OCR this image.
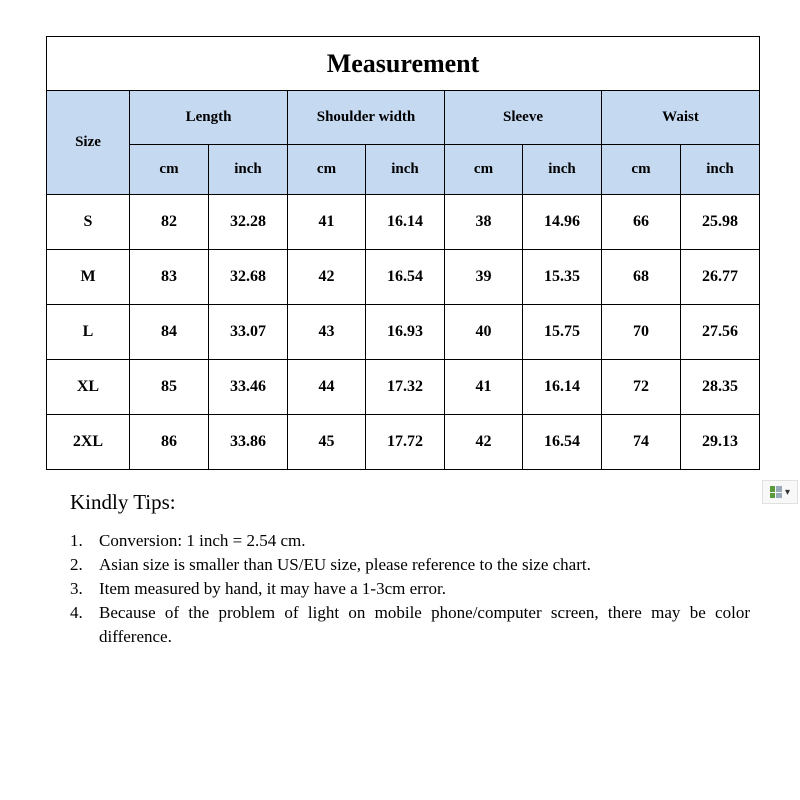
Measurement								
Size	Length		Shoulder width		Sleeve		Waist	
	cm	inch	cm	inch	cm	inch	cm	inch
S	82	32.28	41	16.14	38	14.96	66	25.98
M	83	32.68	42	16.54	39	15.35	68	26.77
L	84	33.07	43	16.93	40	15.75	70	27.56
XL	85	33.46	44	17.32	41	16.14	72	28.35
2XL	86	33.86	45	17.72	42	16.54	74	29.13
▾
Kindly Tips:
1. Conversion: 1 inch = 2.54 cm.
2. Asian size is smaller than US/EU size, please reference to the size chart.
3. Item measured by hand, it may have a 1-3cm error.
4. Because of the problem of light on mobile phone/computer screen, there may be color difference.
